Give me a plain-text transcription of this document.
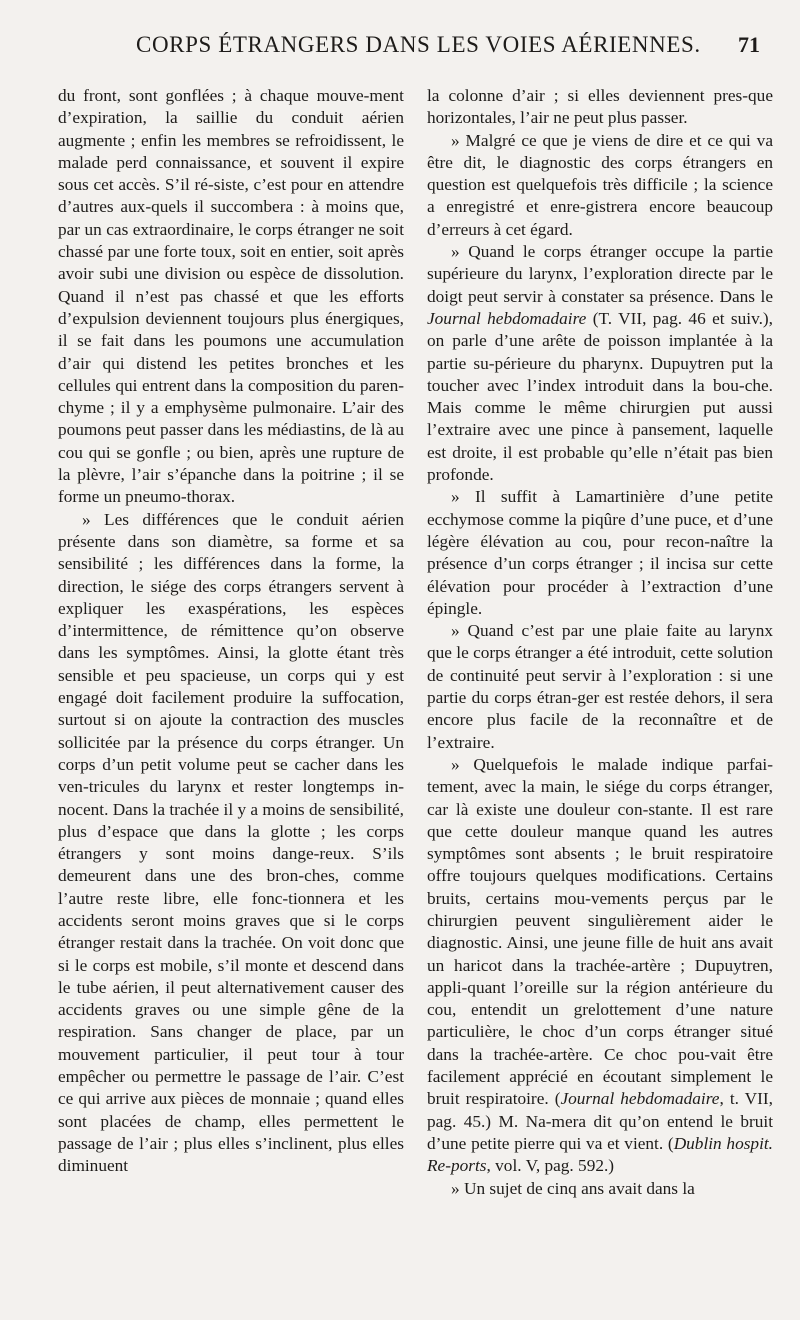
CORPS ÉTRANGERS DANS LES VOIES AÉRIENNES. 71

du front, sont gonflées ; à chaque mouve-ment d’expiration, la saillie du conduit aérien augmente ; enfin les membres se refroidissent, le malade perd connaissance, et souvent il expire sous cet accès. S’il ré-siste, c’est pour en attendre d’autres aux-quels il succombera : à moins que, par un cas extraordinaire, le corps étranger ne soit chassé par une forte toux, soit en entier, soit après avoir subi une division ou espèce de dissolution. Quand il n’est pas chassé et que les efforts d’expulsion deviennent toujours plus énergiques, il se fait dans les poumons une accumulation d’air qui distend les petites bronches et les cellules qui entrent dans la composition du paren-chyme ; il y a emphysème pulmonaire. L’air des poumons peut passer dans les médiastins, de là au cou qui se gonfle ; ou bien, après une rupture de la plèvre, l’air s’épanche dans la poitrine ; il se forme un pneumo-thorax.

» Les différences que le conduit aérien présente dans son diamètre, sa forme et sa sensibilité ; les différences dans la forme, la direction, le siége des corps étrangers servent à expliquer les exaspérations, les espèces d’intermittence, de rémittence qu’on observe dans les symptômes. Ainsi, la glotte étant très sensible et peu spacieuse, un corps qui y est engagé doit facilement produire la suffocation, surtout si on ajoute la contraction des muscles sollicitée par la présence du corps étranger. Un corps d’un petit volume peut se cacher dans les ven-tricules du larynx et rester longtemps in-nocent. Dans la trachée il y a moins de sensibilité, plus d’espace que dans la glotte ; les corps étrangers y sont moins dange-reux. S’ils demeurent dans une des bron-ches, comme l’autre reste libre, elle fonc-tionnera et les accidents seront moins graves que si le corps étranger restait dans la trachée. On voit donc que si le corps est mobile, s’il monte et descend dans le tube aérien, il peut alternativement causer des accidents graves ou une simple gêne de la respiration. Sans changer de place, par un mouvement particulier, il peut tour à tour empêcher ou permettre le passage de l’air. C’est ce qui arrive aux pièces de monnaie ; quand elles sont placées de champ, elles permettent le passage de l’air ; plus elles s’inclinent, plus elles diminuent

la colonne d’air ; si elles deviennent pres-que horizontales, l’air ne peut plus passer.

» Malgré ce que je viens de dire et ce qui va être dit, le diagnostic des corps étrangers en question est quelquefois très difficile ; la science a enregistré et enre-gistrera encore beaucoup d’erreurs à cet égard.

» Quand le corps étranger occupe la partie supérieure du larynx, l’exploration directe par le doigt peut servir à constater sa présence. Dans le Journal hebdomadaire (T. VII, pag. 46 et suiv.), on parle d’une arête de poisson implantée à la partie su-périeure du pharynx. Dupuytren put la toucher avec l’index introduit dans la bou-che. Mais comme le même chirurgien put aussi l’extraire avec une pince à pansement, laquelle est droite, il est probable qu’elle n’était pas bien profonde.

» Il suffit à Lamartinière d’une petite ecchymose comme la piqûre d’une puce, et d’une légère élévation au cou, pour recon-naître la présence d’un corps étranger ; il incisa sur cette élévation pour procéder à l’extraction d’une épingle.

» Quand c’est par une plaie faite au larynx que le corps étranger a été introduit, cette solution de continuité peut servir à l’exploration : si une partie du corps étran-ger est restée dehors, il sera encore plus facile de la reconnaître et de l’extraire.

» Quelquefois le malade indique parfai-tement, avec la main, le siége du corps étranger, car là existe une douleur con-stante. Il est rare que cette douleur manque quand les autres symptômes sont absents ; le bruit respiratoire offre toujours quelques modifications. Certains bruits, certains mou-vements perçus par le chirurgien peuvent singulièrement aider le diagnostic. Ainsi, une jeune fille de huit ans avait un haricot dans la trachée-artère ; Dupuytren, appli-quant l’oreille sur la région antérieure du cou, entendit un grelottement d’une nature particulière, le choc d’un corps étranger situé dans la trachée-artère. Ce choc pou-vait être facilement apprécié en écoutant simplement le bruit respiratoire. (Journal hebdomadaire, t. VII, pag. 45.) M. Na-mera dit qu’on entend le bruit d’une petite pierre qui va et vient. (Dublin hospit. Re-ports, vol. V, pag. 592.)

» Un sujet de cinq ans avait dans la
